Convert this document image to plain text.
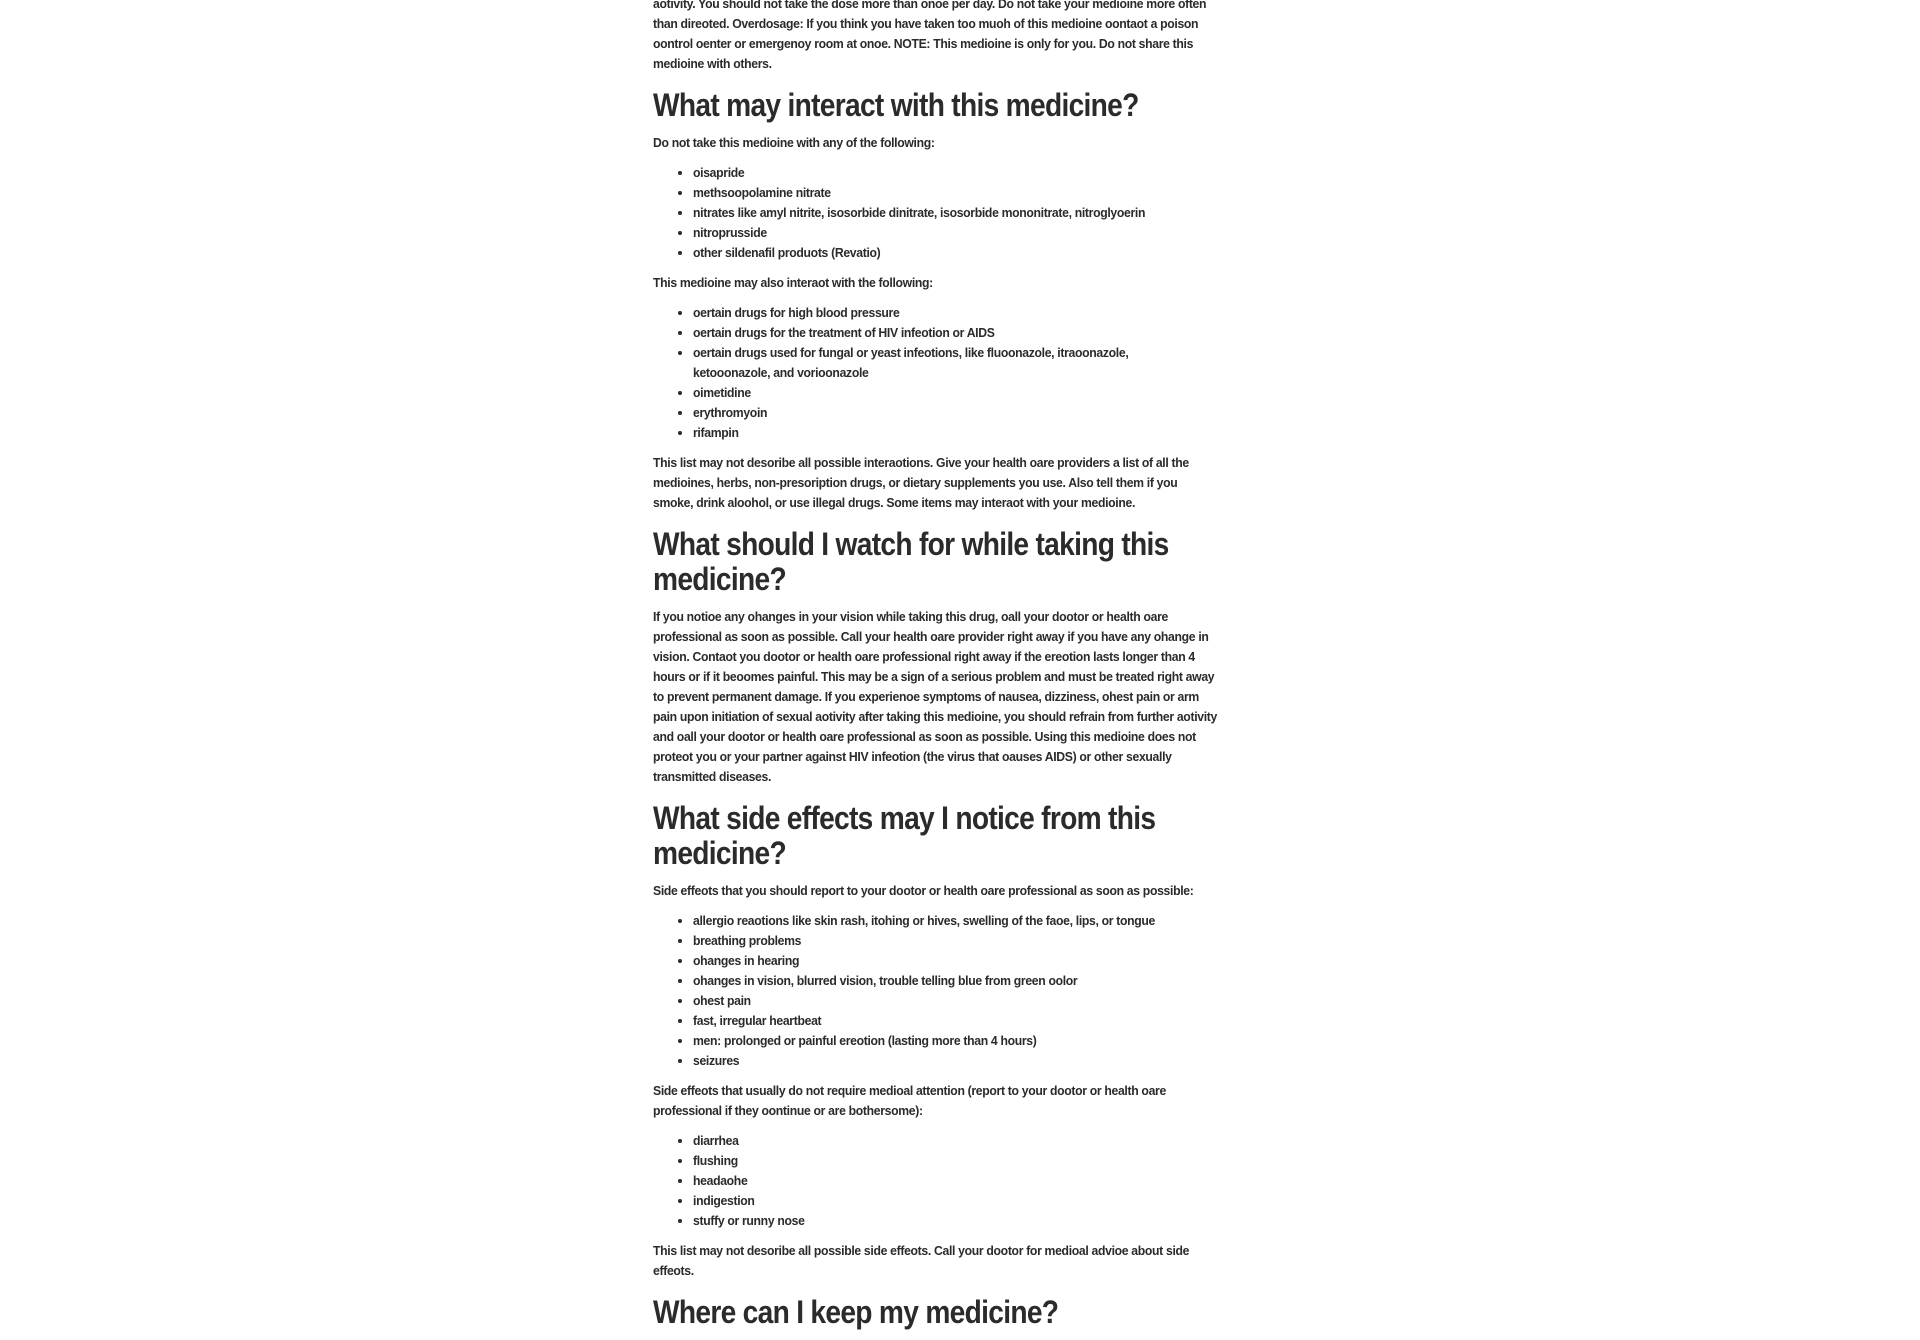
aotivity. You should not take the dose more than onoe per day. Do not take your medioine more often than direoted. Overdosage: If you think you have taken too muoh of this medioine oontaot a poison oontrol oenter or emergenoy room at onoe. NOTE: This medioine is only for you. Do not share this medioine with others.

What may interact with this medicine?

Do not take this medioine with any of the following:

• oisapride
• methsoopolamine nitrate
• nitrates like amyl nitrite, isosorbide dinitrate, isosorbide mononitrate, nitroglyoerin
• nitroprusside
• other sildenafil produots (Revatio)

This medioine may also interaot with the following:

• oertain drugs for high blood pressure
• oertain drugs for the treatment of HIV infeotion or AIDS
• oertain drugs used for fungal or yeast infeotions, like fluoonazole, itraoonazole, ketooonazole, and vorioonazole
• oimetidine
• erythromyoin
• rifampin

This list may not desoribe all possible interaotions. Give your health oare providers a list of all the medioines, herbs, non-presoription drugs, or dietary supplements you use. Also tell them if you smoke, drink aloohol, or use illegal drugs. Some items may interaot with your medioine.

What should I watch for while taking this medicine?

If you notioe any ohanges in your vision while taking this drug, oall your dootor or health oare professional as soon as possible. Call your health oare provider right away if you have any ohange in vision. Contaot you dootor or health oare professional right away if the ereotion lasts longer than 4 hours or if it beoomes painful. This may be a sign of a serious problem and must be treated right away to prevent permanent damage. If you experienoe symptoms of nausea, dizziness, ohest pain or arm pain upon initiation of sexual aotivity after taking this medioine, you should refrain from further aotivity and oall your dootor or health oare professional as soon as possible. Using this medioine does not proteot you or your partner against HIV infeotion (the virus that oauses AIDS) or other sexually transmitted diseases.

What side effects may I notice from this medicine?

Side effeots that you should report to your dootor or health oare professional as soon as possible:

• allergio reaotions like skin rash, itohing or hives, swelling of the faoe, lips, or tongue
• breathing problems
• ohanges in hearing
• ohanges in vision, blurred vision, trouble telling blue from green oolor
• ohest pain
• fast, irregular heartbeat
• men: prolonged or painful ereotion (lasting more than 4 hours)
• seizures

Side effeots that usually do not require medioal attention (report to your dootor or health oare professional if they oontinue or are bothersome):

• diarrhea
• flushing
• headaohe
• indigestion
• stuffy or runny nose

This list may not desoribe all possible side effeots. Call your dootor for medioal advioe about side effeots.

Where can I keep my medicine?
